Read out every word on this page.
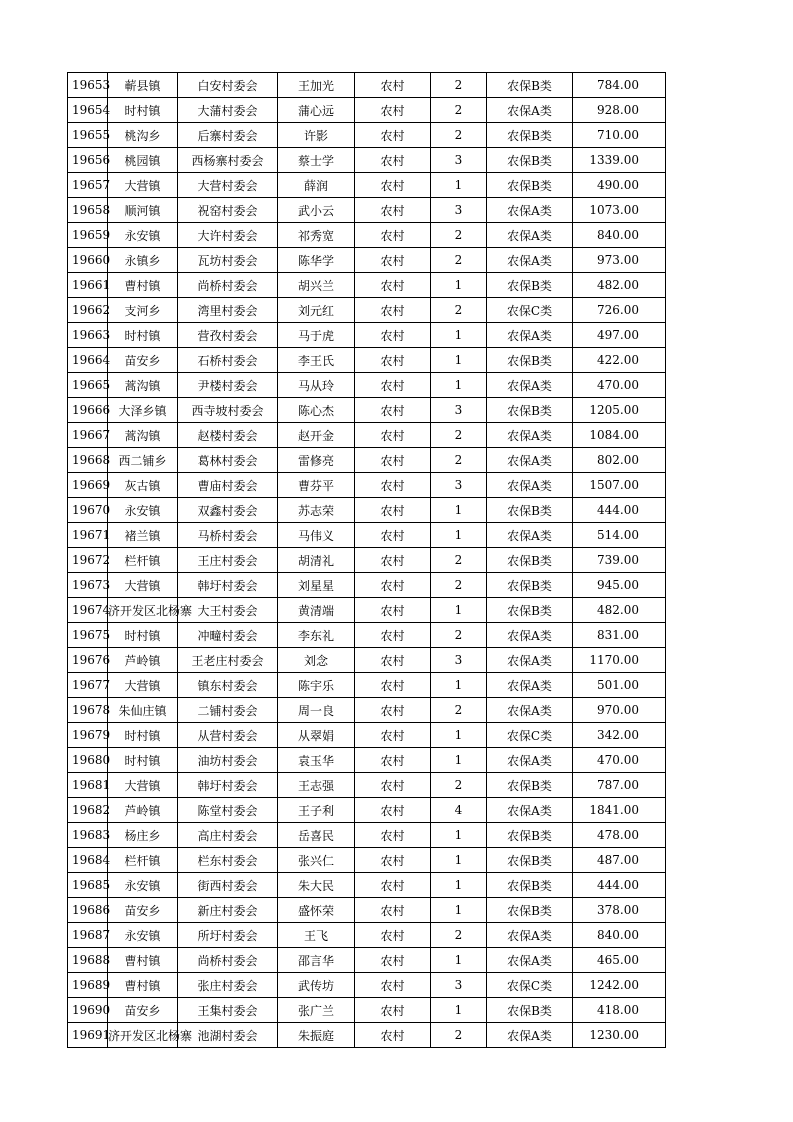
19653	蕲县镇	白安村委会	王加光	农村	2	农保B类	784.00
19654	时村镇	大蒲村委会	蒲心远	农村	2	农保A类	928.00
19655	桃沟乡	后寨村委会	许影	农村	2	农保B类	710.00
19656	桃园镇	西杨寨村委会	蔡士学	农村	3	农保B类	1339.00
19657	大营镇	大营村委会	薛润	农村	1	农保B类	490.00
19658	顺河镇	祝窑村委会	武小云	农村	3	农保A类	1073.00
19659	永安镇	大许村委会	祁秀宽	农村	2	农保A类	840.00
19660	永镇乡	瓦坊村委会	陈华学	农村	2	农保A类	973.00
19661	曹村镇	尚桥村委会	胡兴兰	农村	1	农保B类	482.00
19662	支河乡	湾里村委会	刘元红	农村	2	农保C类	726.00
19663	时村镇	营孜村委会	马于虎	农村	1	农保A类	497.00
19664	苗安乡	石桥村委会	李王氏	农村	1	农保B类	422.00
19665	蒿沟镇	尹楼村委会	马从玲	农村	1	农保A类	470.00
19666	大泽乡镇	西寺坡村委会	陈心杰	农村	3	农保B类	1205.00
19667	蒿沟镇	赵楼村委会	赵开金	农村	2	农保A类	1084.00
19668	西二铺乡	葛林村委会	雷修亮	农村	2	农保A类	802.00
19669	灰古镇	曹庙村委会	曹芬平	农村	3	农保A类	1507.00
19670	永安镇	双鑫村委会	苏志荣	农村	1	农保B类	444.00
19671	褚兰镇	马桥村委会	马伟义	农村	1	农保A类	514.00
19672	栏杆镇	王庄村委会	胡清礼	农村	2	农保B类	739.00
19673	大营镇	韩圩村委会	刘星星	农村	2	农保B类	945.00
19674	济开发区北杨寨	大王村委会	黄清端	农村	1	农保B类	482.00
19675	时村镇	冲疃村委会	李东礼	农村	2	农保A类	831.00
19676	芦岭镇	王老庄村委会	刘念	农村	3	农保A类	1170.00
19677	大营镇	镇东村委会	陈宇乐	农村	1	农保A类	501.00
19678	朱仙庄镇	二铺村委会	周一良	农村	2	农保A类	970.00
19679	时村镇	从营村委会	从翠娟	农村	1	农保C类	342.00
19680	时村镇	油坊村委会	袁玉华	农村	1	农保A类	470.00
19681	大营镇	韩圩村委会	王志强	农村	2	农保B类	787.00
19682	芦岭镇	陈堂村委会	王子利	农村	4	农保A类	1841.00
19683	杨庄乡	高庄村委会	岳喜民	农村	1	农保B类	478.00
19684	栏杆镇	栏东村委会	张兴仁	农村	1	农保B类	487.00
19685	永安镇	街西村委会	朱大民	农村	1	农保B类	444.00
19686	苗安乡	新庄村委会	盛怀荣	农村	1	农保B类	378.00
19687	永安镇	所圩村委会	王飞	农村	2	农保A类	840.00
19688	曹村镇	尚桥村委会	邵言华	农村	1	农保A类	465.00
19689	曹村镇	张庄村委会	武传坊	农村	3	农保C类	1242.00
19690	苗安乡	王集村委会	张广兰	农村	1	农保B类	418.00
19691	济开发区北杨寨	池湖村委会	朱振庭	农村	2	农保A类	1230.00
